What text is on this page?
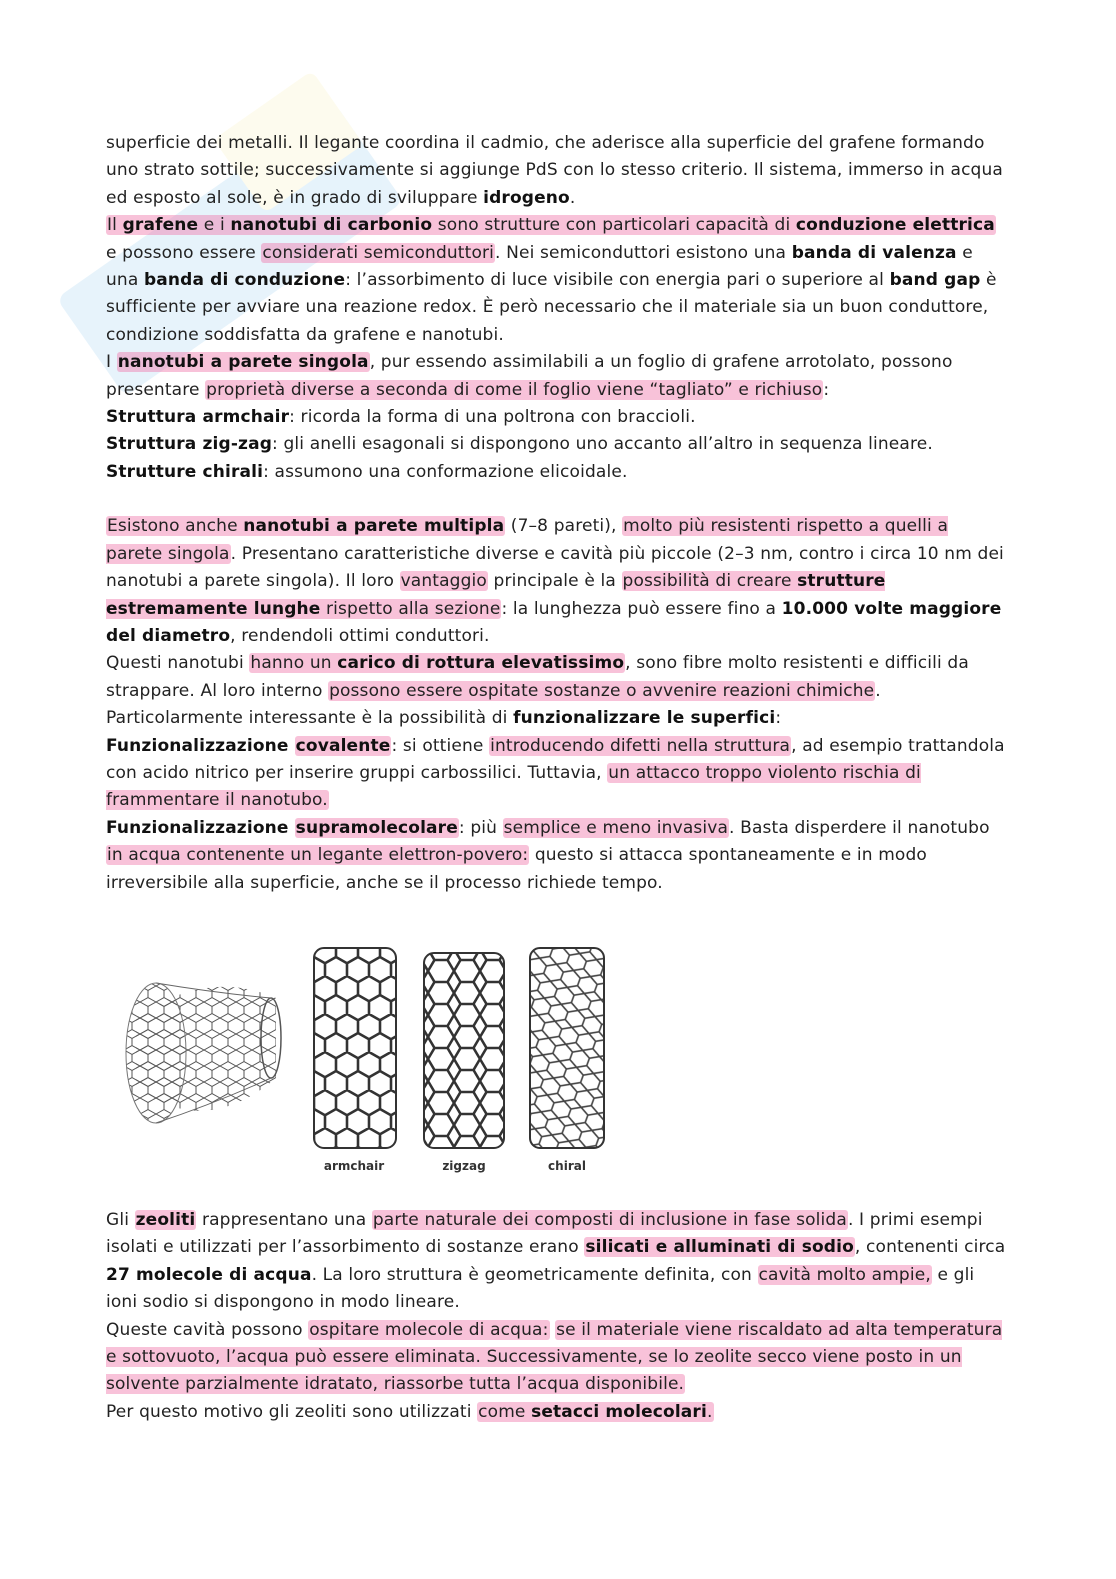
superficie dei metalli. Il legante coordina il cadmio, che aderisce alla superficie del grafene formando uno strato sottile; successivamente si aggiunge PdS con lo stesso criterio. Il sistema, immerso in acqua ed esposto al sole, è in grado di sviluppare idrogeno.

Il grafene e i nanotubi di carbonio sono strutture con particolari capacità di conduzione elettrica e possono essere considerati semiconduttori. Nei semiconduttori esistono una banda di valenza e una banda di conduzione: l’assorbimento di luce visibile con energia pari o superiore al band gap è sufficiente per avviare una reazione redox. È però necessario che il materiale sia un buon conduttore, condizione soddisfatta da grafene e nanotubi.

I nanotubi a parete singola, pur essendo assimilabili a un foglio di grafene arrotolato, possono presentare proprietà diverse a seconda di come il foglio viene “tagliato” e richiuso:

Struttura armchair: ricorda la forma di una poltrona con braccioli.

Struttura zig-zag: gli anelli esagonali si dispongono uno accanto all’altro in sequenza lineare.

Strutture chirali: assumono una conformazione elicoidale.

Esistono anche nanotubi a parete multipla (7–8 pareti), molto più resistenti rispetto a quelli a parete singola. Presentano caratteristiche diverse e cavità più piccole (2–3 nm, contro i circa 10 nm dei nanotubi a parete singola). Il loro vantaggio principale è la possibilità di creare strutture estremamente lunghe rispetto alla sezione: la lunghezza può essere fino a 10.000 volte maggiore del diametro, rendendoli ottimi conduttori.

Questi nanotubi hanno un carico di rottura elevatissimo, sono fibre molto resistenti e difficili da strappare. Al loro interno possono essere ospitate sostanze o avvenire reazioni chimiche. Particolarmente interessante è la possibilità di funzionalizzare le superfici:

Funzionalizzazione covalente: si ottiene introducendo difetti nella struttura, ad esempio trattandola con acido nitrico per inserire gruppi carbossilici. Tuttavia, un attacco troppo violento rischia di frammentare il nanotubo.

Funzionalizzazione supramolecolare: più semplice e meno invasiva. Basta disperdere il nanotubo in acqua contenente un legante elettron-povero: questo si attacca spontaneamente e in modo irreversibile alla superficie, anche se il processo richiede tempo.

armchair	zigzag	chiral

Gli zeoliti rappresentano una parte naturale dei composti di inclusione in fase solida. I primi esempi isolati e utilizzati per l’assorbimento di sostanze erano silicati e alluminati di sodio, contenenti circa 27 molecole di acqua. La loro struttura è geometricamente definita, con cavità molto ampie, e gli ioni sodio si dispongono in modo lineare.

Queste cavità possono ospitare molecole di acqua: se il materiale viene riscaldato ad alta temperatura e sottovuoto, l’acqua può essere eliminata. Successivamente, se lo zeolite secco viene posto in un solvente parzialmente idratato, riassorbe tutta l’acqua disponibile.

Per questo motivo gli zeoliti sono utilizzati come setacci molecolari.
